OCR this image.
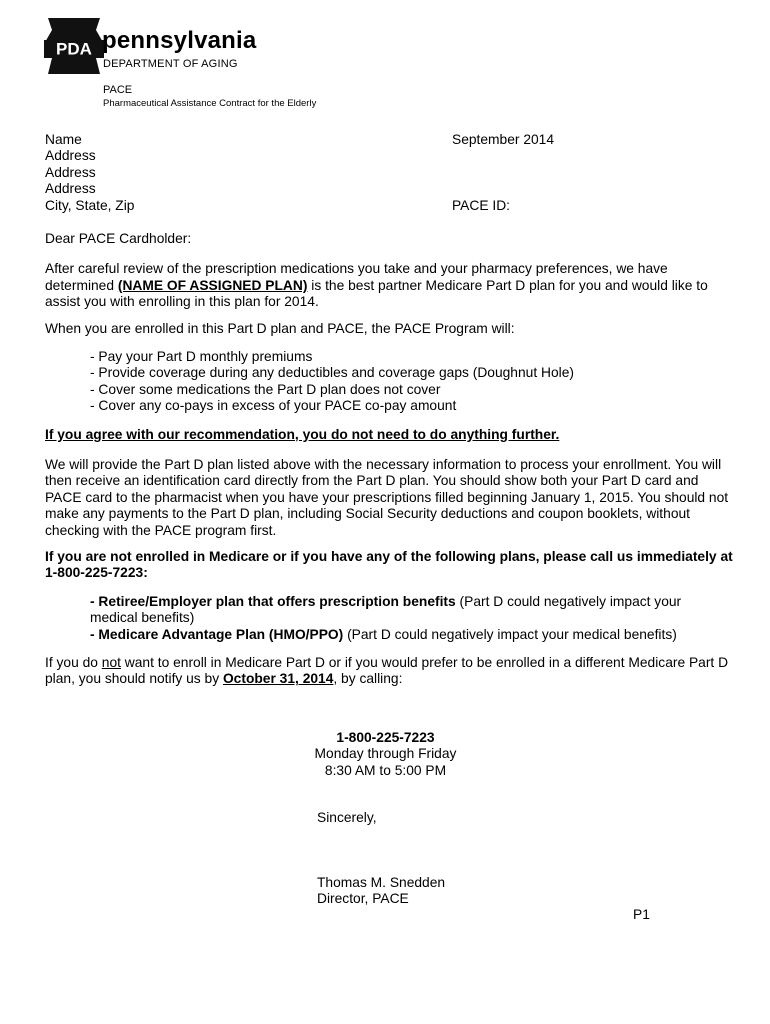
PDA pennsylvania
DEPARTMENT OF AGING
PACE
Pharmaceutical Assistance Contract for the Elderly
Name
Address
Address
Address
City, State, Zip
September 2014
PACE ID:

Dear PACE Cardholder:

After careful review of the prescription medications you take and your pharmacy preferences, we have determined (NAME OF ASSIGNED PLAN) is the best partner Medicare Part D plan for you and would like to assist you with enrolling in this plan for 2014.

When you are enrolled in this Part D plan and PACE, the PACE Program will:

- Pay your Part D monthly premiums
- Provide coverage during any deductibles and coverage gaps (Doughnut Hole)
- Cover some medications the Part D plan does not cover
- Cover any co-pays in excess of your PACE co-pay amount

If you agree with our recommendation, you do not need to do anything further.

We will provide the Part D plan listed above with the necessary information to process your enrollment. You will then receive an identification card directly from the Part D plan. You should show both your Part D card and PACE card to the pharmacist when you have your prescriptions filled beginning January 1, 2015. You should not make any payments to the Part D plan, including Social Security deductions and coupon booklets, without checking with the PACE program first.

If you are not enrolled in Medicare or if you have any of the following plans, please call us immediately at 1-800-225-7223:

- Retiree/Employer plan that offers prescription benefits (Part D could negatively impact your medical benefits)
- Medicare Advantage Plan (HMO/PPO) (Part D could negatively impact your medical benefits)

If you do not want to enroll in Medicare Part D or if you would prefer to be enrolled in a different Medicare Part D plan, you should notify us by October 31, 2014, by calling:

1-800-225-7223
Monday through Friday
8:30 AM to 5:00 PM
Sincerely,
Thomas M. Snedden
Director, PACE
P1
